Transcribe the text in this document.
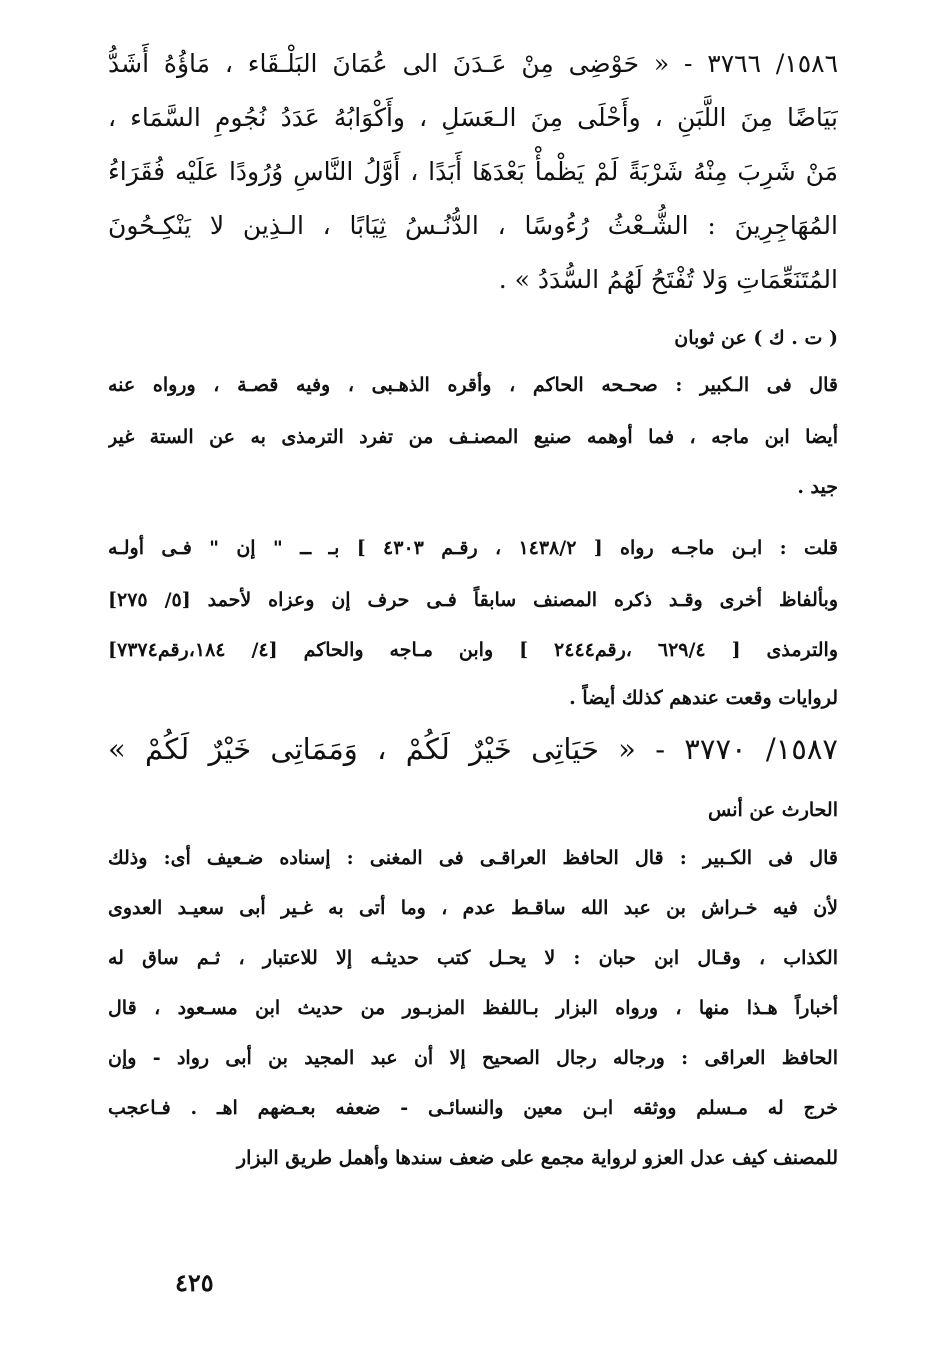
١٥٨٦/ ٣٧٦٦ - « حَوْضِى مِنْ عَـدَنَ الى عُمَانَ البَلْـقَاء ، مَاؤُهُ أَشَدُّ
بَيَاضًا مِنَ اللَّبَنِ ، وأَحْلَى مِنَ الـعَسَلِ ، وأَكْوَابُهُ عَدَدُ نُجُومِ السَّمَاء ،
مَنْ شَرِبَ مِنْهُ شَرْبَةً لَمْ يَظْمأْ بَعْدَهَا أَبَدًا ، أَوَّلُ النَّاسِ وُرُودًا عَلَيْه فُقَرَاءُ
المُهَاجِرِينَ : الشُّـعْثُ رُءُوسًا ، الدُّنُـسُ ثِيَابًا ، الـذِين لا يَنْكِـحُونَ
المُتَنَعِّمَاتِ وَلا تُفْتَحُ لَهُمُ السُّدَدُ » .
( ت . ك ) عن ثوبان
قال فى الـكبير : صحـحه الحاكم ، وأقره الذهـبى ، وفيه قصـة ، ورواه عنه
أيضا ابن ماجه ، فما أوهمه صنيع المصنـف من تفرد الترمذى به عن الستة غير
جيد .
قلت : ابـن ماجـه رواه [ ١٤٣٨/٢ ، رقـم ٤٣٠٣ ] بـ ــ " إن " فـى أولـه
وبألفاظ أخرى وقـد ذكره المصنف سابقاً فـى حرف إن وعزاه لأحمد [٥/ ٢٧٥]
والترمذى [ ٦٢٩/٤ ،رقم٢٤٤٤ ] وابن مـاجه والحاكم [٤/ ١٨٤،رقم٧٣٧٤]
لروايات وقعت عندهم كذلك أيضاً .
١٥٨٧/ ٣٧٧٠ - « حَيَاتِى خَيْرٌ لَكُمْ ، وَمَمَاتِى خَيْرٌ لَكُمْ »
الحارث عن أنس
قال فى الكـبير : قال الحافظ العراقـى فى المغنى : إسناده ضـعيف أى: وذلك
لأن فيه خـراش بن عبد الله ساقـط عدم ، وما أتى به غـير أبى سعيـد العدوى
الكذاب ، وقـال ابن حبان : لا يحـل كتب حديثـه إلا للاعتبار ، ثـم ساق له
أخباراً هـذا منها ، ورواه البزار بـاللفظ المزبـور من حديث ابن مسـعود ، قال
الحافظ العراقى : ورجاله رجال الصحيح إلا أن عبد المجيد بن أبى رواد - وإن
خرج له مـسلم ووثقه ابـن معين والنسائـى - ضعفه بعـضهم اهـ . فـاعجب
للمصنف كيف عدل العزو لرواية مجمع على ضعف سندها وأهمل طريق البزار
٤٢٥
